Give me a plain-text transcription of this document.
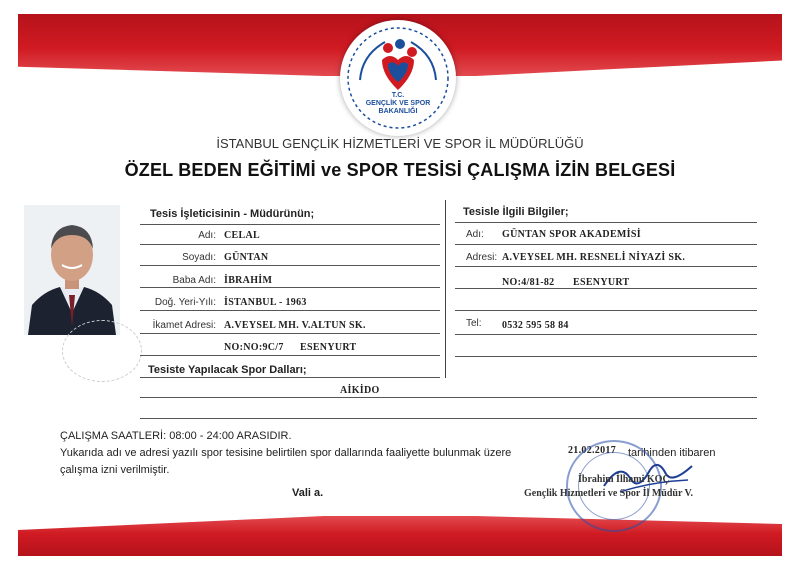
T.C.
GENÇLİK VE SPOR
BAKANLIĞI
İSTANBUL GENÇLİK HİZMETLERİ VE SPOR İL MÜDÜRLÜĞÜ
ÖZEL BEDEN EĞİTİMİ ve SPOR TESİSİ ÇALIŞMA İZİN BELGESİ
Tesis İşleticisinin - Müdürünün;	Tesisle İlgili Bilgiler;
Adı: CELAL
Soyadı: GÜNTAN
Baba Adı: İBRAHİM
Doğ. Yeri-Yılı: İSTANBUL - 1963
İkamet Adresi: A.VEYSEL MH. V.ALTUN SK.
NO:NO:9C/7 ESENYURT
Adı: GÜNTAN SPOR AKADEMİSİ
Adresi: A.VEYSEL MH. RESNELİ NİYAZİ SK.
NO:4/81-82 ESENYURT
Tel: 0532 595 58 84
Tesiste Yapılacak Spor Dalları;
AİKİDO
ÇALIŞMA SAATLERİ: 08:00 - 24:00 ARASIDIR.
Yukarıda adı ve adresi yazılı spor tesisine belirtilen spor dallarında faaliyette bulunmak üzere	21.02.2017 tarihinden itibaren
çalışma izni verilmiştir.
Vali a.
İbrahim İlhami KOÇ
Gençlik Hizmetleri ve Spor İl Müdür V.
